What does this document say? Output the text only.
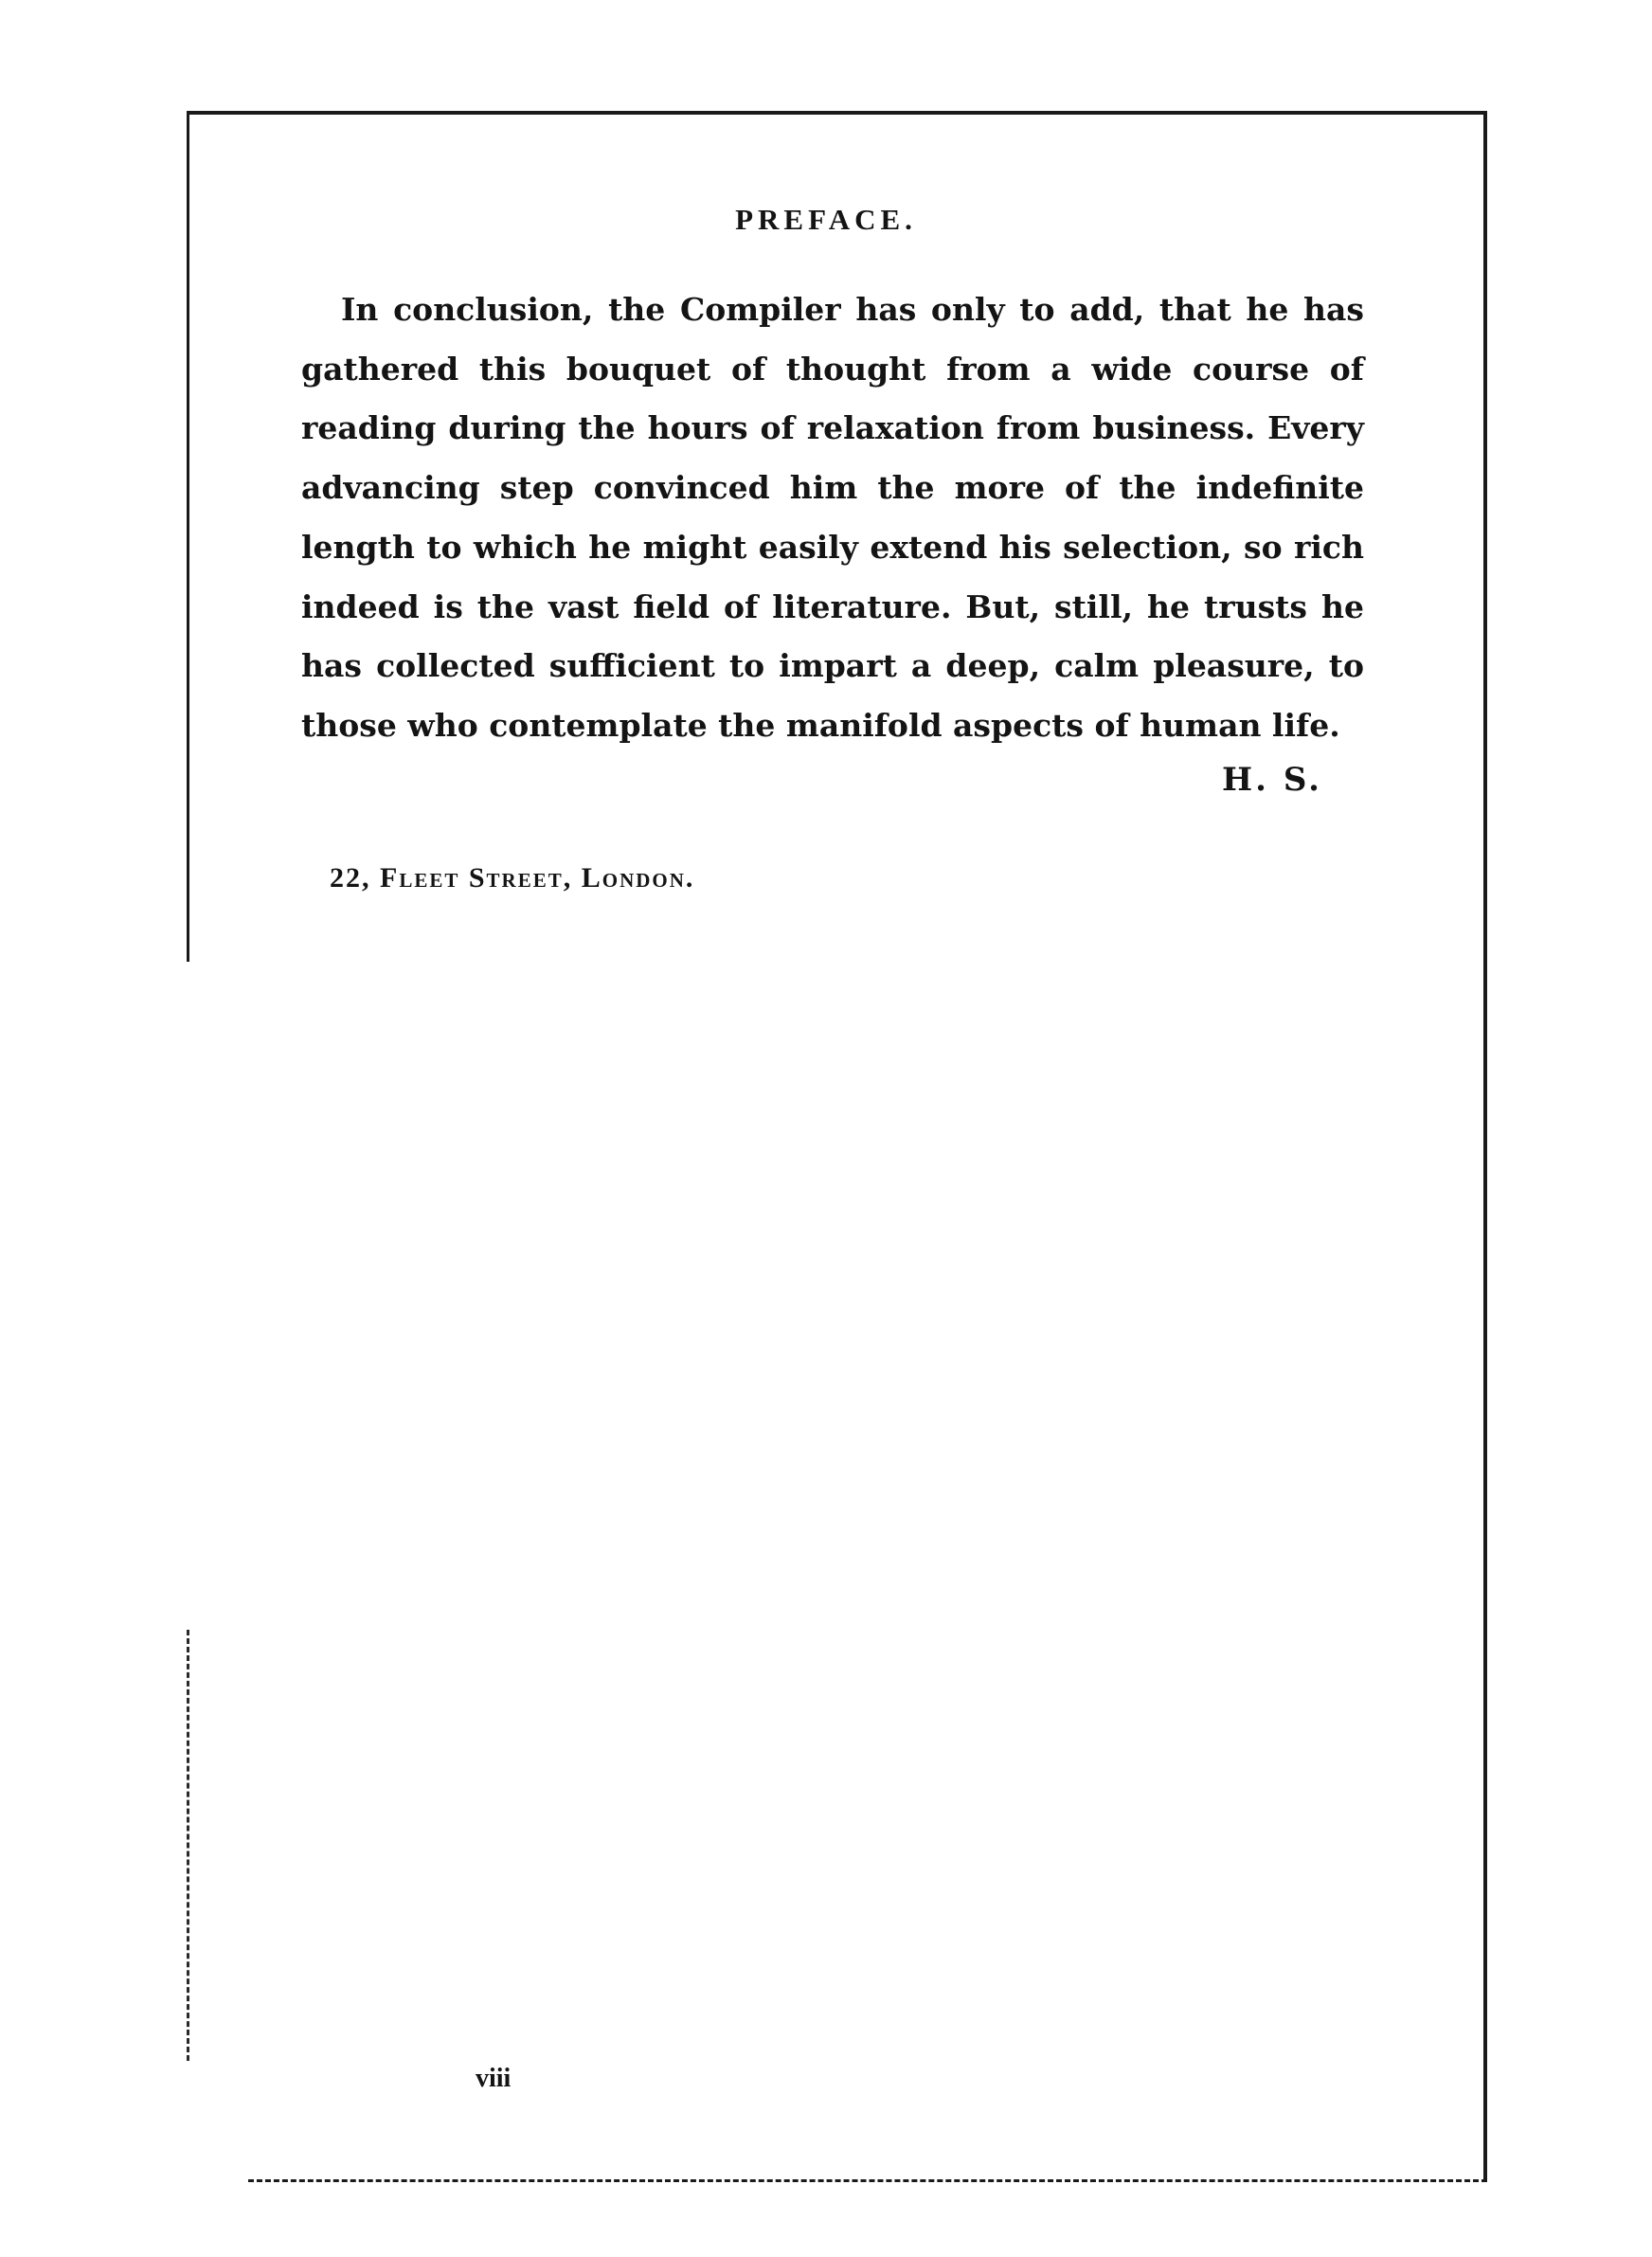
PREFACE.

In conclusion, the Compiler has only to add, that he has gathered this bouquet of thought from a wide course of reading during the hours of relaxation from business. Every advancing step convinced him the more of the indefinite length to which he might easily extend his selection, so rich indeed is the vast field of literature. But, still, he trusts he has collected sufficient to impart a deep, calm pleasure, to those who contemplate the manifold aspects of human life.

H. S.

22, Fleet Street, London.

viii
